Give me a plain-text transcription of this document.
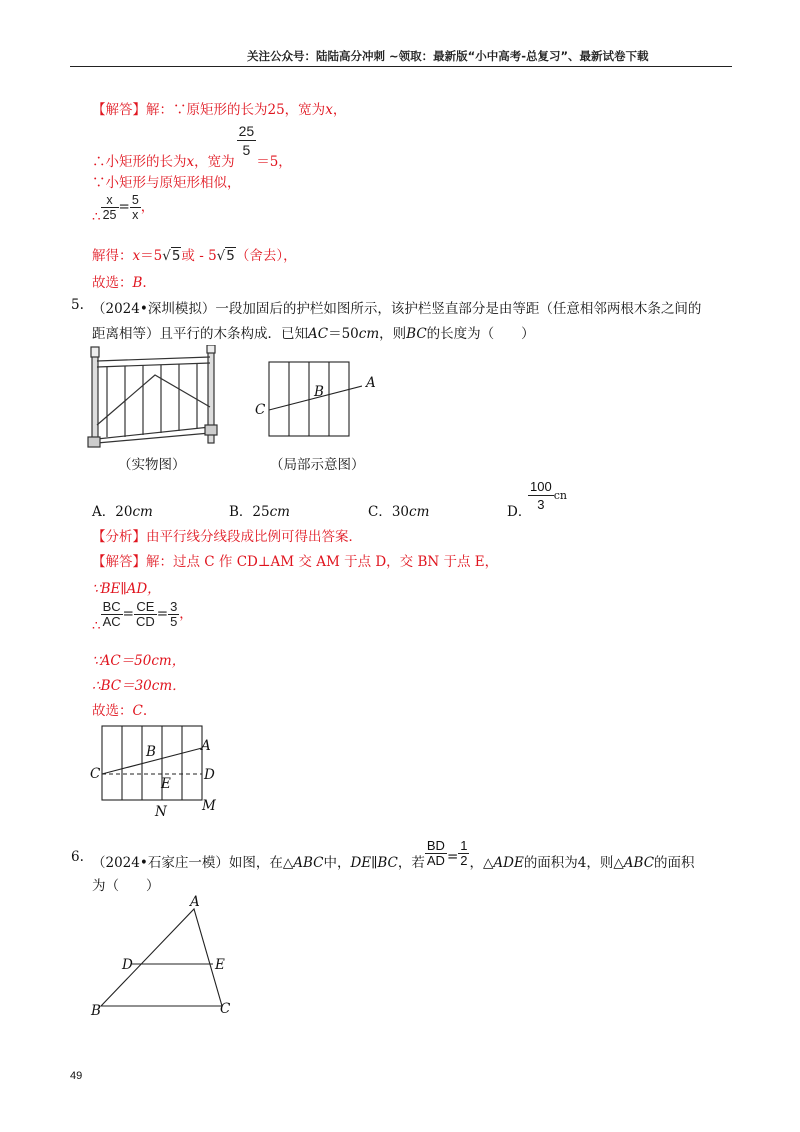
关注公众号：陆陆高分冲刺 ~领取：最新版“小中高考-总复习”、最新试卷下载
【解答】解：∵原矩形的长为25，宽为x，
∴小矩形的长为x，宽为
$\frac{25}{5}$
＝5，
∵小矩形与原矩形相似，
∴ $\frac{x}{25} = \frac{5}{x}$ ，
解得：x＝5√5或 - 5√5（舍去），
故选：B.
5. （2024•深圳模拟）一段加固后的护栏如图所示，该护栏竖直部分是由等距（任意相邻两根木条之间的
距离相等）且平行的木条构成．已知AC＝50cm，则BC的长度为（　　）
（实物图）
C
B
A
（局部示意图）
A．20cm	B．25cm	C．30cm	D．
$\frac{100}{3}$ cn
【分析】由平行线分线段成比例可得出答案．
【解答】解：过点 C 作 CD⊥AM 交 AM 于点 D，交 BN 于点 E，
∵BE∥AD，
∴ $\frac{BC}{AC} = \frac{CE}{CD} = \frac{3}{5}$ ，
∵AC＝50cm，
∴BC＝30cm．
故选：C.
C
B	A
D
E
N	M
6. （2024•石家庄一模）如图，在△ABC中，DE∥BC，若 $\frac{BD}{AD} = \frac{1}{2}$ ，△ADE的面积为4，则△ABC的面积
为（　　）
A
D	E
B	C
49
